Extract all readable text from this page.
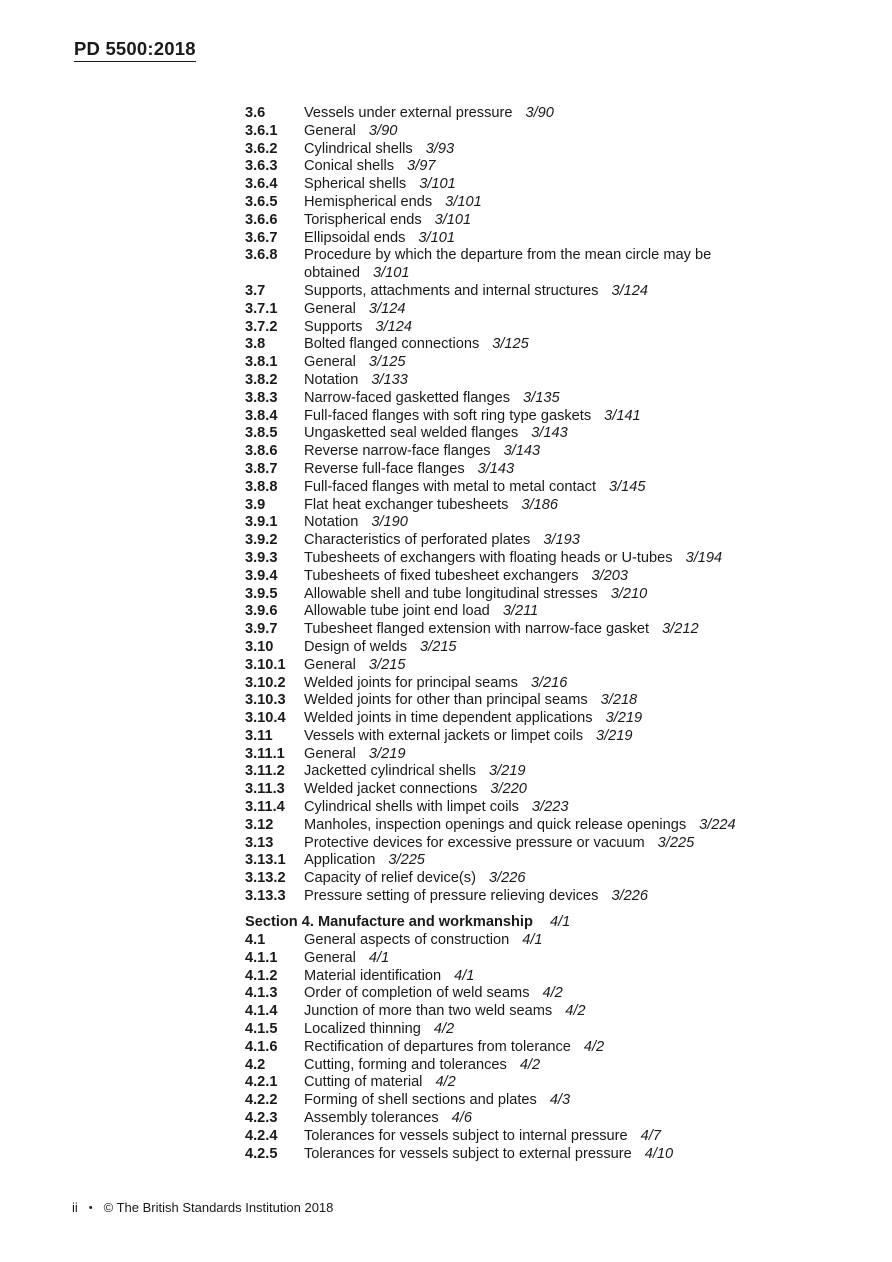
PD 5500:2018
3.6	Vessels under external pressure 3/90
3.6.1	General 3/90
3.6.2	Cylindrical shells 3/93
3.6.3	Conical shells 3/97
3.6.4	Spherical shells 3/101
3.6.5	Hemispherical ends 3/101
3.6.6	Torispherical ends 3/101
3.6.7	Ellipsoidal ends 3/101
3.6.8	Procedure by which the departure from the mean circle may be
obtained 3/101
3.7	Supports, attachments and internal structures 3/124
3.7.1	General 3/124
3.7.2	Supports 3/124
3.8	Bolted flanged connections 3/125
3.8.1	General 3/125
3.8.2	Notation 3/133
3.8.3	Narrow-faced gasketted flanges 3/135
3.8.4	Full-faced flanges with soft ring type gaskets 3/141
3.8.5	Ungasketted seal welded flanges 3/143
3.8.6	Reverse narrow-face flanges 3/143
3.8.7	Reverse full-face flanges 3/143
3.8.8	Full-faced flanges with metal to metal contact 3/145
3.9	Flat heat exchanger tubesheets 3/186
3.9.1	Notation 3/190
3.9.2	Characteristics of perforated plates 3/193
3.9.3	Tubesheets of exchangers with floating heads or U-tubes 3/194
3.9.4	Tubesheets of fixed tubesheet exchangers 3/203
3.9.5	Allowable shell and tube longitudinal stresses 3/210
3.9.6	Allowable tube joint end load 3/211
3.9.7	Tubesheet flanged extension with narrow-face gasket 3/212
3.10	Design of welds 3/215
3.10.1	General 3/215
3.10.2	Welded joints for principal seams 3/216
3.10.3	Welded joints for other than principal seams 3/218
3.10.4	Welded joints in time dependent applications 3/219
3.11	Vessels with external jackets or limpet coils 3/219
3.11.1	General 3/219
3.11.2	Jacketted cylindrical shells 3/219
3.11.3	Welded jacket connections 3/220
3.11.4	Cylindrical shells with limpet coils 3/223
3.12	Manholes, inspection openings and quick release openings 3/224
3.13	Protective devices for excessive pressure or vacuum 3/225
3.13.1	Application 3/225
3.13.2	Capacity of relief device(s) 3/226
3.13.3	Pressure setting of pressure relieving devices 3/226
Section 4. Manufacture and workmanship 4/1
4.1	General aspects of construction 4/1
4.1.1	General 4/1
4.1.2	Material identification 4/1
4.1.3	Order of completion of weld seams 4/2
4.1.4	Junction of more than two weld seams 4/2
4.1.5	Localized thinning 4/2
4.1.6	Rectification of departures from tolerance 4/2
4.2	Cutting, forming and tolerances 4/2
4.2.1	Cutting of material 4/2
4.2.2	Forming of shell sections and plates 4/3
4.2.3	Assembly tolerances 4/6
4.2.4	Tolerances for vessels subject to internal pressure 4/7
4.2.5	Tolerances for vessels subject to external pressure 4/10
ii • © The British Standards Institution 2018
